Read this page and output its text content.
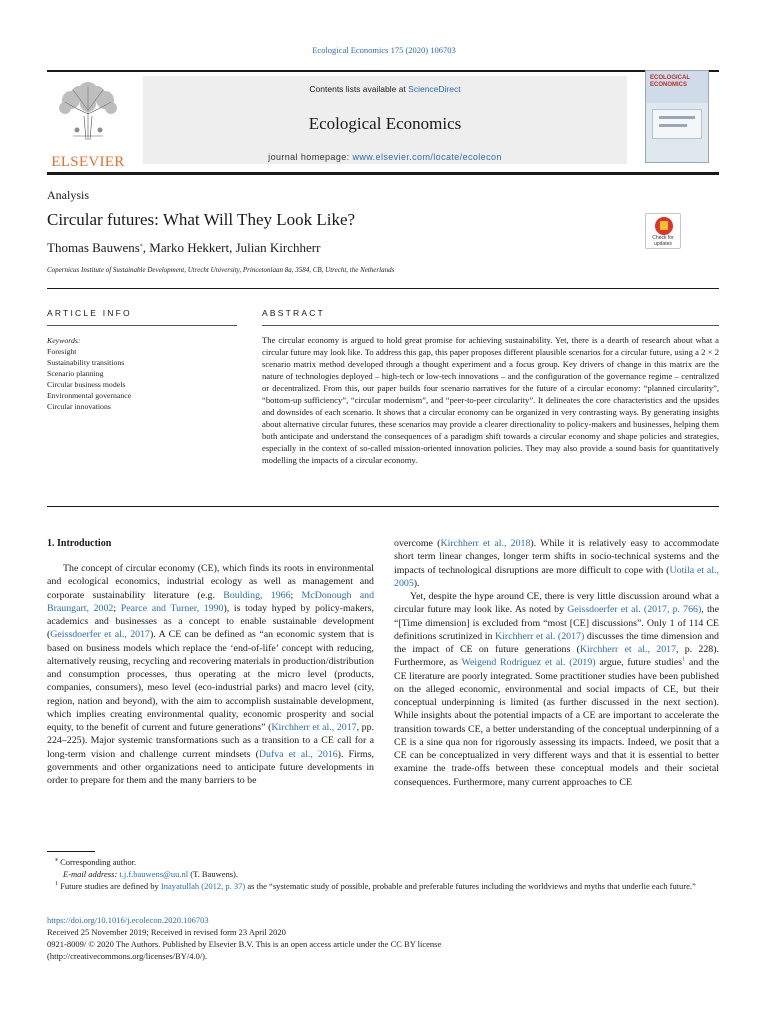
Ecological Economics 175 (2020) 106703
ELSEVIER
Contents lists available at ScienceDirect
Ecological Economics
journal homepage: www.elsevier.com/locate/ecolecon
ECOLOGICAL ECONOMICS
Analysis
Circular futures: What Will They Look Like?
Thomas Bauwens⁎, Marko Hekkert, Julian Kirchherr
Copernicus Institute of Sustainable Development, Utrecht University, Princetonlaan 8a, 3584, CB, Utrecht, the Netherlands
Check for updates
ARTICLE INFO
Keywords:
Foresight
Sustainability transitions
Scenario planning
Circular business models
Environmental governance
Circular innovations
ABSTRACT
The circular economy is argued to hold great promise for achieving sustainability. Yet, there is a dearth of research about what a circular future may look like. To address this gap, this paper proposes different plausible scenarios for a circular future, using a 2 × 2 scenario matrix method developed through a thought experiment and a focus group. Key drivers of change in this matrix are the nature of technologies deployed – high-tech or low-tech innovations – and the configuration of the governance regime – centralized or decentralized. From this, our paper builds four scenario narratives for the future of a circular economy: “planned circularity”, “bottom-up sufficiency”, “circular modernism”, and “peer-to-peer circularity”. It delineates the core characteristics and the upsides and downsides of each scenario. It shows that a circular economy can be organized in very contrasting ways. By generating insights about alternative circular futures, these scenarios may provide a clearer directionality to policy-makers and businesses, helping them both anticipate and understand the consequences of a paradigm shift towards a circular economy and shape policies and strategies, especially in the context of so-called mission-oriented innovation policies. They may also provide a sound basis for quantitatively modelling the impacts of a circular economy.
1. Introduction

The concept of circular economy (CE), which finds its roots in environmental and ecological economics, industrial ecology as well as management and corporate sustainability literature (e.g. Boulding, 1966; McDonough and Braungart, 2002; Pearce and Turner, 1990), is today hyped by policy-makers, academics and businesses as a concept to enable sustainable development (Geissdoerfer et al., 2017). A CE can be defined as “an economic system that is based on business models which replace the ‘end-of-life’ concept with reducing, alternatively reusing, recycling and recovering materials in production/distribution and consumption processes, thus operating at the micro level (products, companies, consumers), meso level (eco-industrial parks) and macro level (city, region, nation and beyond), with the aim to accomplish sustainable development, which implies creating environmental quality, economic prosperity and social equity, to the benefit of current and future generations” (Kirchherr et al., 2017, pp. 224–225). Major systemic transformations such as a transition to a CE call for a long-term vision and challenge current mindsets (Dufva et al., 2016). Firms, governments and other organizations need to anticipate future developments in order to prepare for them and the many barriers to be

overcome (Kirchherr et al., 2018). While it is relatively easy to accommodate short term linear changes, longer term shifts in socio-technical systems and the impacts of technological disruptions are more difficult to cope with (Uotila et al., 2005).

Yet, despite the hype around CE, there is very little discussion around what a circular future may look like. As noted by Geissdoerfer et al. (2017, p. 766), the “[Time dimension] is excluded from “most [CE] discussions”. Only 1 of 114 CE definitions scrutinized in Kirchherr et al. (2017) discusses the time dimension and the impact of CE on future generations (Kirchherr et al., 2017, p. 228). Furthermore, as Weigend Rodríguez et al. (2019) argue, future studies$^1$ and the CE literature are poorly integrated. Some practitioner studies have been published on the alleged economic, environmental and social impacts of CE, but their conceptual underpinning is limited (as further discussed in the next section). While insights about the potential impacts of a CE are important to accelerate the transition towards CE, a better understanding of the conceptual underpinning of a CE is a sine qua non for rigorously assessing its impacts. Indeed, we posit that a CE can be conceptualized in very different ways and that it is essential to better examine the trade-offs between these conceptual models and their societal consequences. Furthermore, many current approaches to CE

⁎ Corresponding author.
E-mail address: t.j.f.bauwens@uu.nl (T. Bauwens).
$^1$ Future studies are defined by Inayatullah (2012, p. 37) as the “systematic study of possible, probable and preferable futures including the worldviews and myths that underlie each future.”
https://doi.org/10.1016/j.ecolecon.2020.106703
Received 25 November 2019; Received in revised form 23 April 2020
0921-8009/ © 2020 The Authors. Published by Elsevier B.V. This is an open access article under the CC BY license
(http://creativecommons.org/licenses/BY/4.0/).
